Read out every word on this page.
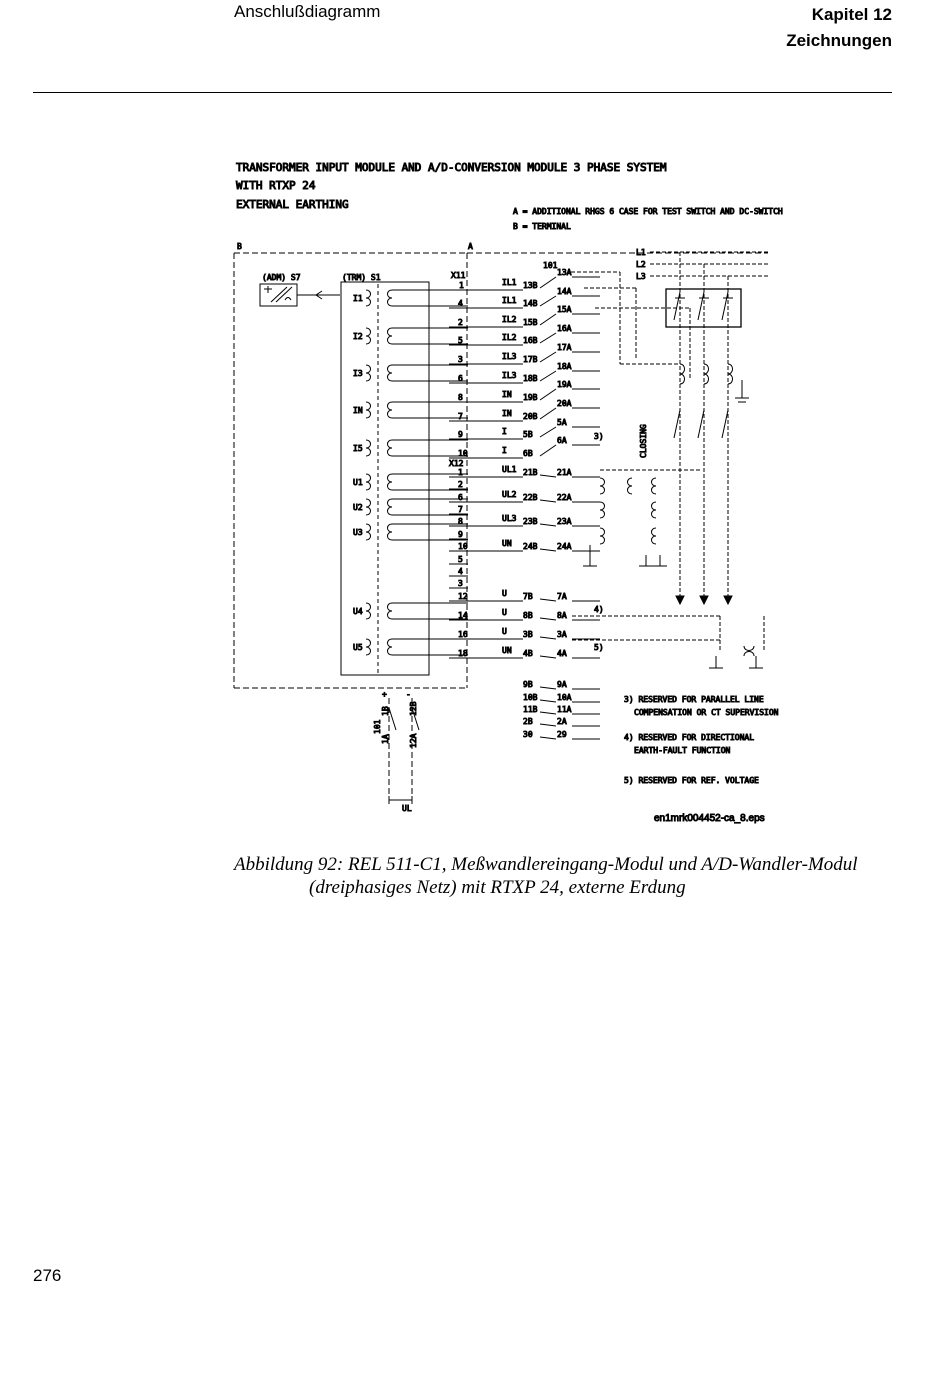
Anschlußdiagramm	Kapitel 12
Zeichnungen
TRANSFORMER INPUT MODULE AND A/D-CONVERSION MODULE 3 PHASE SYSTEM
WITH RTXP 24
EXTERNAL EARTHING
A = ADDITIONAL RHGS 6 CASE FOR TEST SWITCH AND DC-SWITCH
B = TERMINAL
B	A
101
(ADM) S7	(TRM) S1	X11
X12
I1
I2
I3
IN
I5
U1
U2
U3
U4
U5
1
4
2
5
3
6
8
7
9
10
1
2
6
7
8
9
10
5
4
3
12
14
16
18
IL1
IL1
IL2
IL2
IL3
IL3
IN
IN
I
I
UL1
UL2
UL3
UN
U
U
U
UN
13B
13A
14B
14A
15B
15A
16B
16A
17B
17A
18B
18A
19B
19A
20B
20A
5B
5A
6B
6A
21B 21A
22B 22A
23B 23A
24B 24A
7B	7A
8B	8A
3B	3A
4B	4A
9B	9A
10B 10A
11B 11A
2B	2A
30	29
L1
L2
L3
CLOSING
3)
4)
5)
+ -
1B 12B
1A 12A
101
UL
3) RESERVED FOR PARALLEL LINE
COMPENSATION OR CT SUPERVISION
4) RESERVED FOR DIRECTIONAL
EARTH-FAULT FUNCTION
5) RESERVED FOR REF. VOLTAGE
en1mrk004452-ca_8.eps
Abbildung 92: REL 511-C1, Meßwandlereingang-Modul und A/D-Wandler-Modul
(dreiphasiges Netz) mit RTXP 24, externe Erdung
276
